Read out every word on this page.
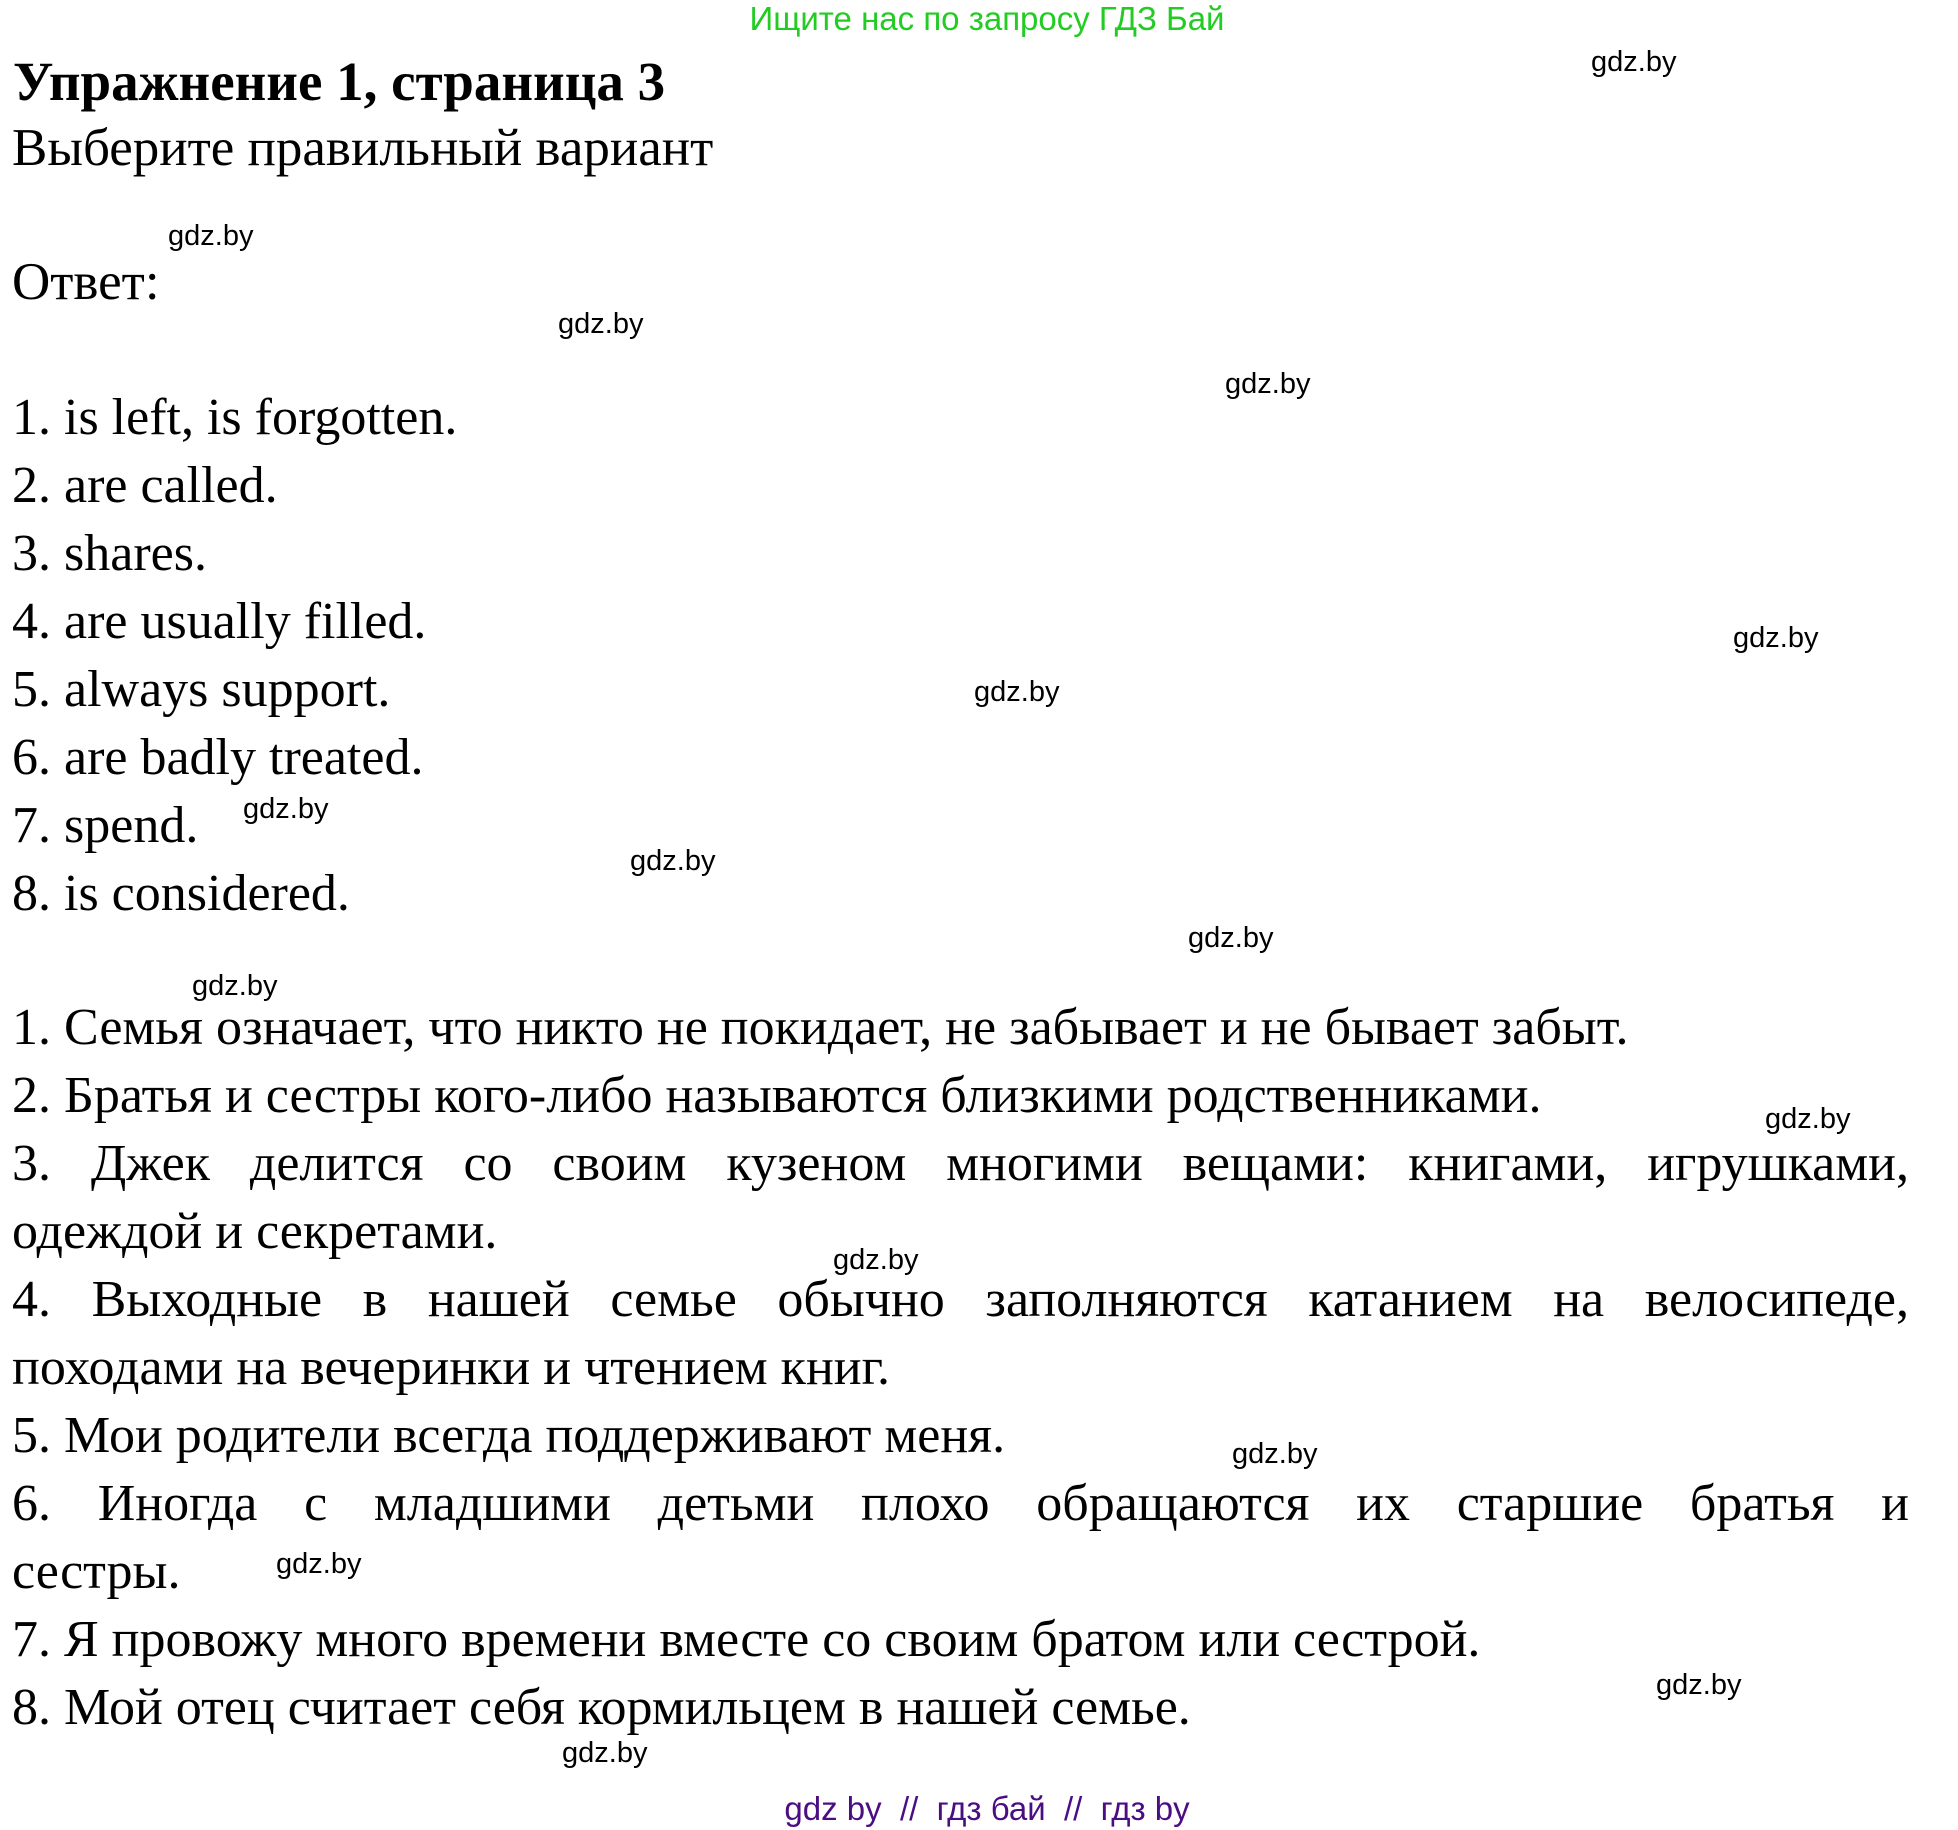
Ищите нас по запросу ГДЗ Бай
Упражнение 1, страница 3
Выберите правильный вариант
Ответ:
1. is left, is forgotten.
2. are called.
3. shares.
4. are usually filled.
5. always support.
6. are badly treated.
7. spend.
8. is considered.
1. Семья означает, что никто не покидает, не забывает и не бывает забыт.
2. Братья и сестры кого-либо называются близкими родственниками.
3. Джек делится со своим кузеном многими вещами: книгами, игрушками,
одеждой и секретами.
4. Выходные в нашей семье обычно заполняются катанием на велосипеде,
походами на вечеринки и чтением книг.
5. Мои родители всегда поддерживают меня.
6. Иногда с младшими детьми плохо обращаются их старшие братья и
сестры.
7. Я провожу много времени вместе со своим братом или сестрой.
8. Мой отец считает себя кормильцем в нашей семье.
gdz.by
gdz.by
gdz.by
gdz.by
gdz.by
gdz.by
gdz.by
gdz.by
gdz.by
gdz.by
gdz.by
gdz.by
gdz.by
gdz.by
gdz.by
gdz.by
gdz by  //  гдз бай  //  гдз by
